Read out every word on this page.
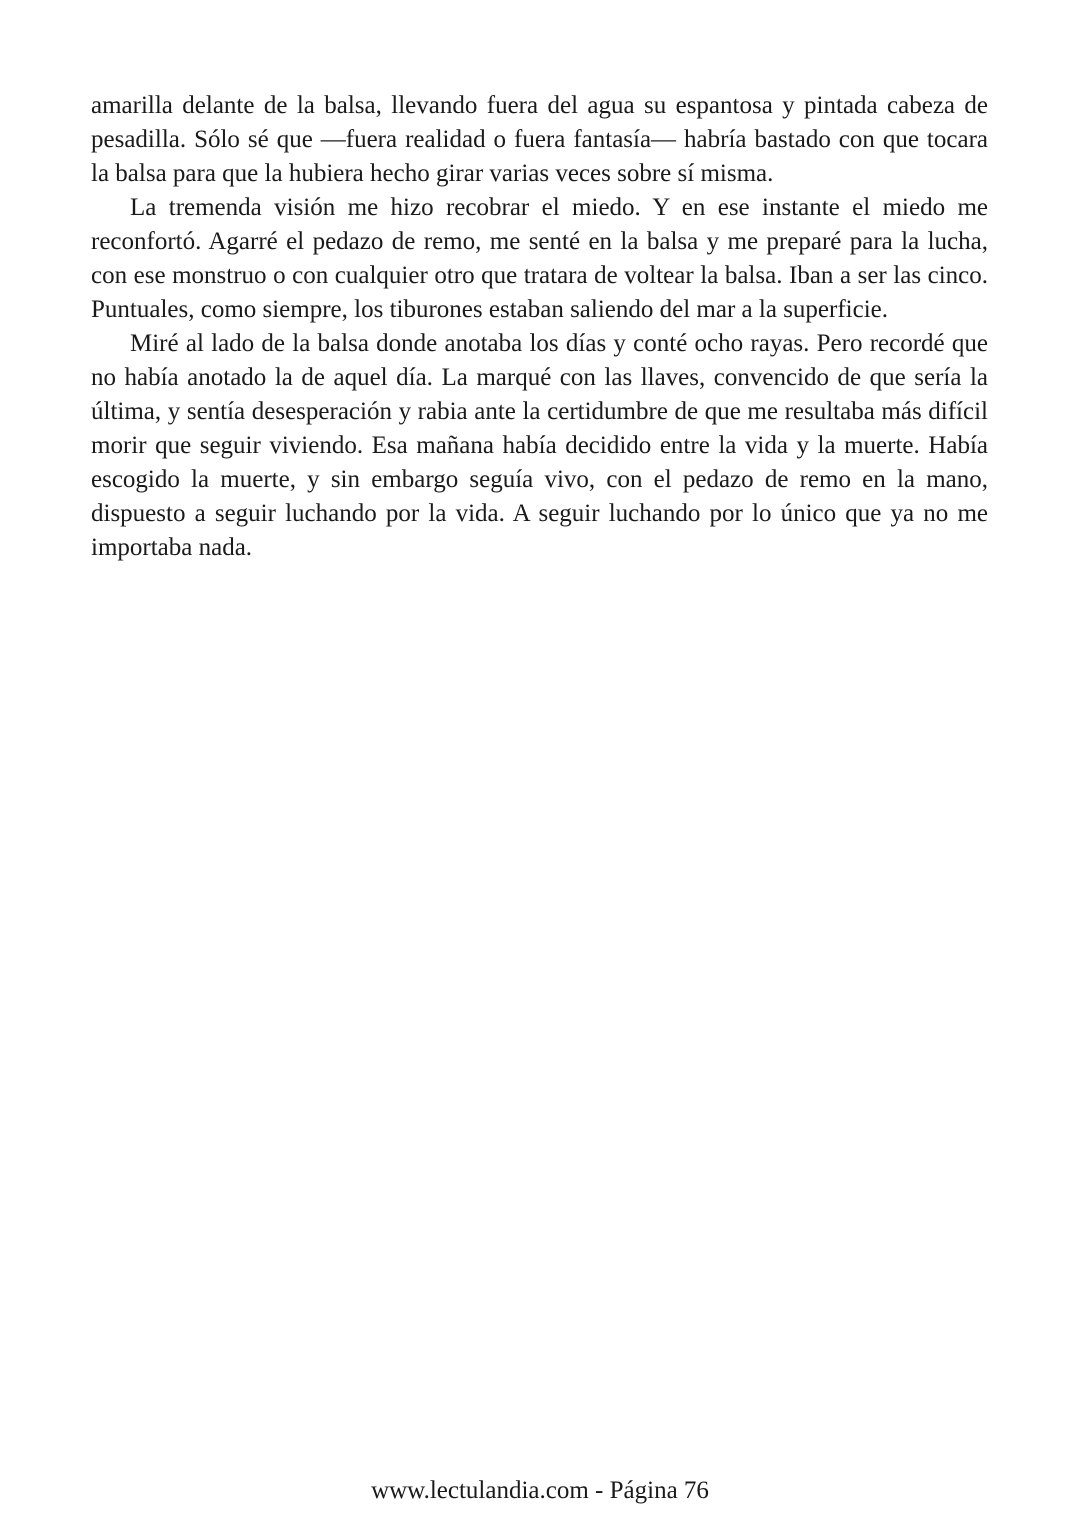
amarilla delante de la balsa, llevando fuera del agua su espantosa y pintada cabeza de pesadilla. Sólo sé que —fuera realidad o fuera fantasía— habría bastado con que tocara la balsa para que la hubiera hecho girar varias veces sobre sí misma.

La tremenda visión me hizo recobrar el miedo. Y en ese instante el miedo me reconfortó. Agarré el pedazo de remo, me senté en la balsa y me preparé para la lucha, con ese monstruo o con cualquier otro que tratara de voltear la balsa. Iban a ser las cinco. Puntuales, como siempre, los tiburones estaban saliendo del mar a la superficie.

Miré al lado de la balsa donde anotaba los días y conté ocho rayas. Pero recordé que no había anotado la de aquel día. La marqué con las llaves, convencido de que sería la última, y sentía desesperación y rabia ante la certidumbre de que me resultaba más difícil morir que seguir viviendo. Esa mañana había decidido entre la vida y la muerte. Había escogido la muerte, y sin embargo seguía vivo, con el pedazo de remo en la mano, dispuesto a seguir luchando por la vida. A seguir luchando por lo único que ya no me importaba nada.

www.lectulandia.com - Página 76
